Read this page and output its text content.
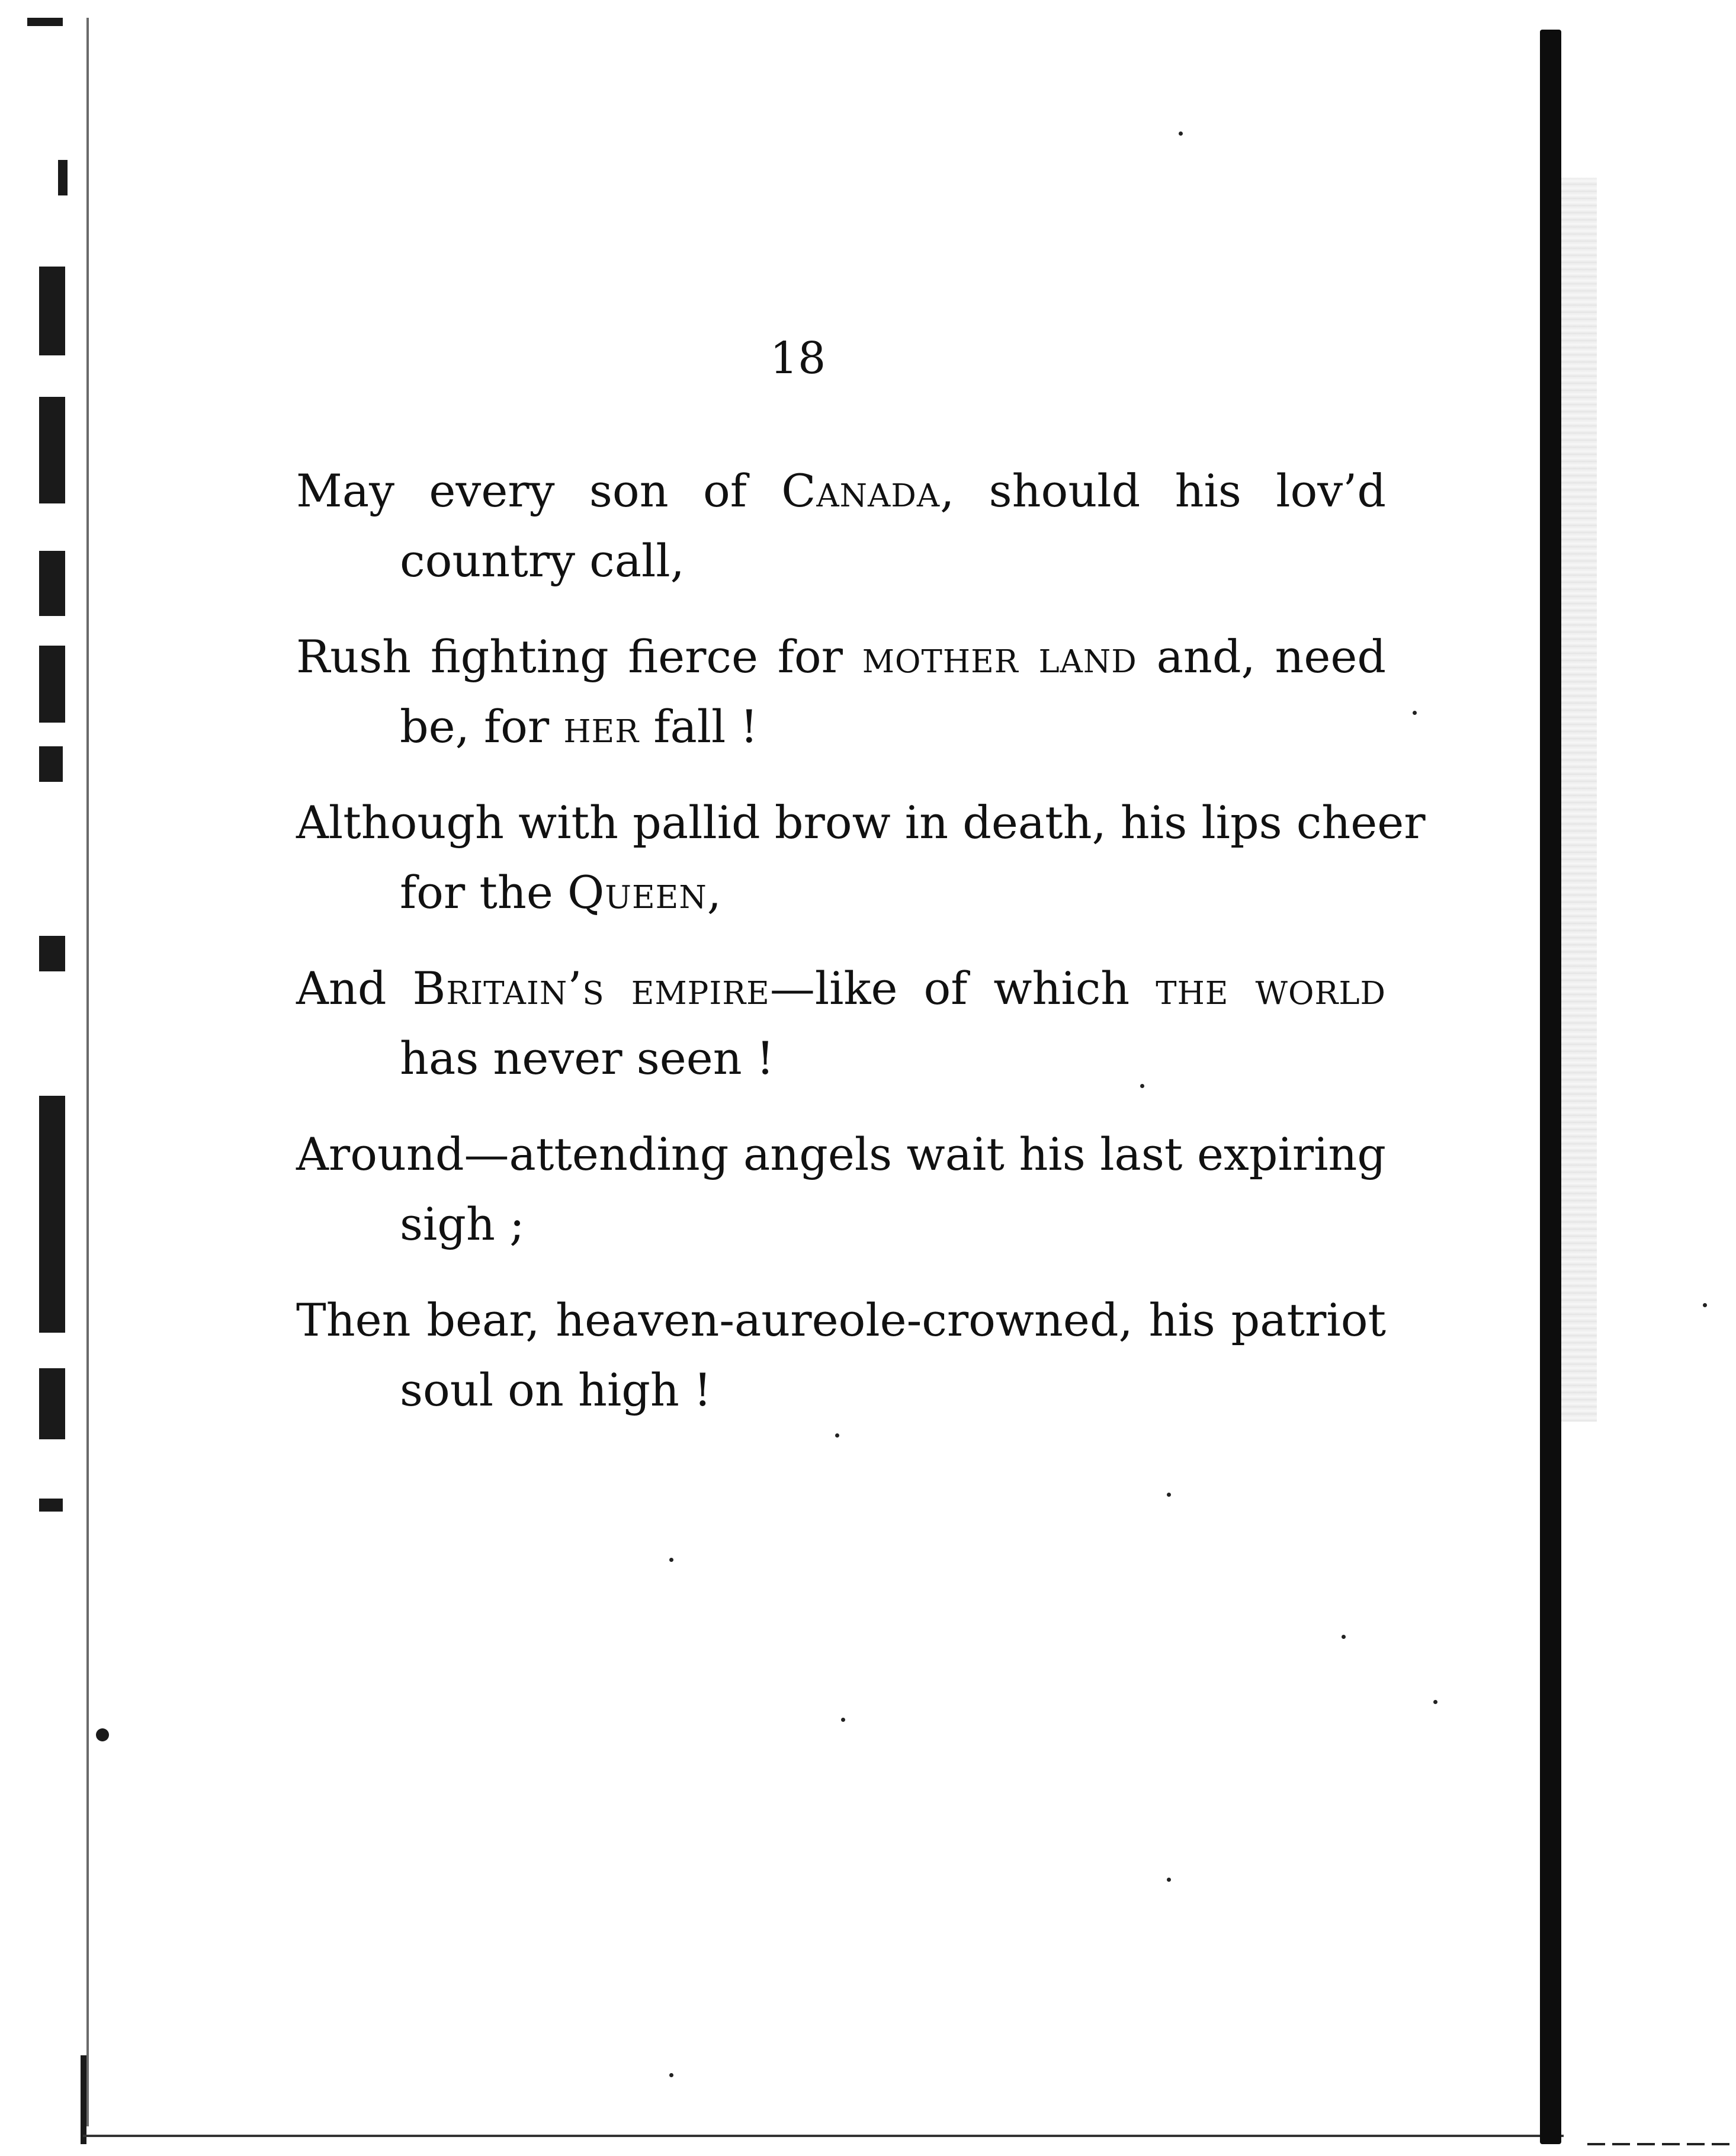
18
May every son of Canada, should his lov’d
country call,
Rush fighting fierce for mother land and, need
be, for her fall !
Although with pallid brow in death, his lips cheer
for the Queen,
And Britain’s empire—like of which the world
has never seen !
Around—attending angels wait his last expiring
sigh ;
Then bear, heaven-aureole-crowned, his patriot
soul on high !
